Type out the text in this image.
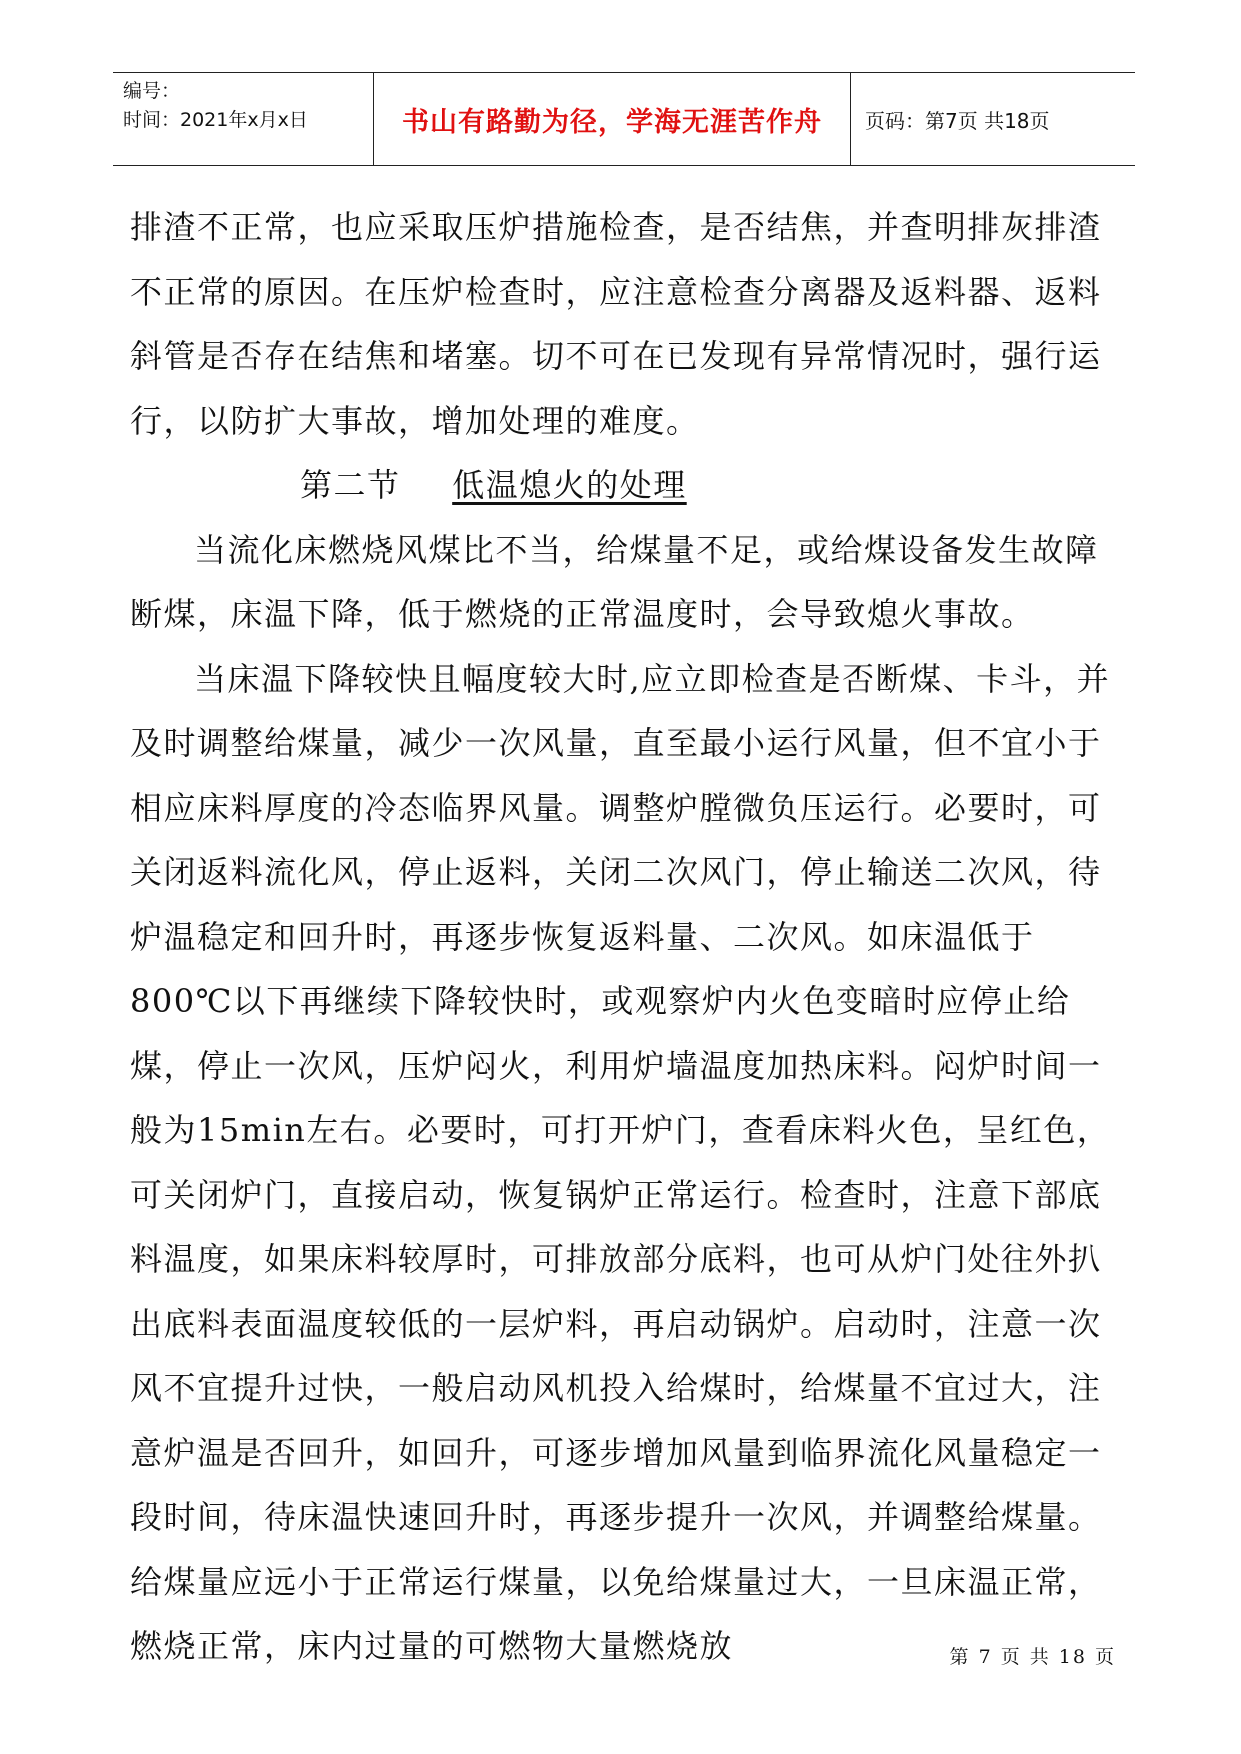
编号：
时间：2021年x月x日	书山有路勤为径，学海无涯苦作舟	页码：第7页 共18页

排渣不正常，也应采取压炉措施检查，是否结焦，并查明排灰排渣不正常的原因。在压炉检查时，应注意检查分离器及返料器、返料斜管是否存在结焦和堵塞。切不可在已发现有异常情况时，强行运行，以防扩大事故，增加处理的难度。

第二节 低温熄火的处理

当流化床燃烧风煤比不当，给煤量不足，或给煤设备发生故障断煤，床温下降，低于燃烧的正常温度时，会导致熄火事故。

当床温下降较快且幅度较大时,应立即检查是否断煤、卡斗，并及时调整给煤量，减少一次风量，直至最小运行风量，但不宜小于相应床料厚度的冷态临界风量。调整炉膛微负压运行。必要时，可关闭返料流化风，停止返料，关闭二次风门，停止输送二次风，待炉温稳定和回升时，再逐步恢复返料量、二次风。如床温低于800℃以下再继续下降较快时，或观察炉内火色变暗时应停止给煤，停止一次风，压炉闷火，利用炉墙温度加热床料。闷炉时间一般为15min左右。必要时，可打开炉门，查看床料火色，呈红色，可关闭炉门，直接启动，恢复锅炉正常运行。检查时，注意下部底料温度，如果床料较厚时，可排放部分底料，也可从炉门处往外扒出底料表面温度较低的一层炉料，再启动锅炉。启动时，注意一次风不宜提升过快，一般启动风机投入给煤时，给煤量不宜过大，注意炉温是否回升，如回升，可逐步增加风量到临界流化风量稳定一段时间，待床温快速回升时，再逐步提升一次风，并调整给煤量。给煤量应远小于正常运行煤量，以免给煤量过大，一旦床温正常，燃烧正常，床内过量的可燃物大量燃烧放	第 7 页 共 18 页
